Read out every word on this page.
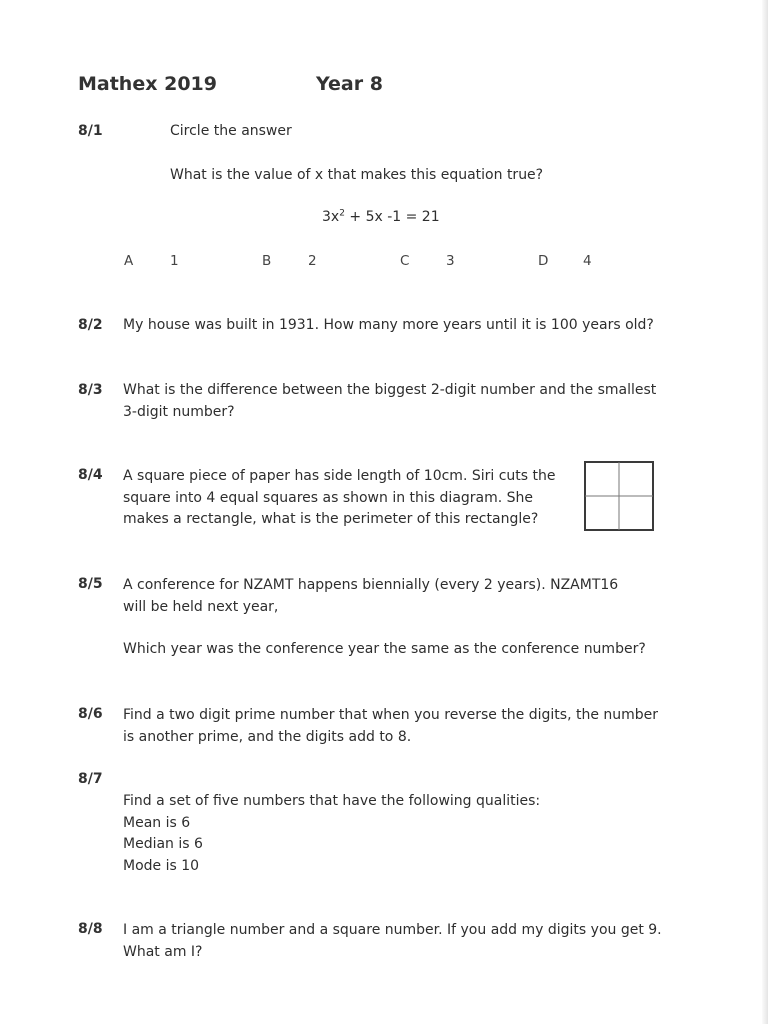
Mathex 2019	Year 8
8/1	Circle the answer
What is the value of x that makes this equation true?
$3x^2 + 5x$ -1 = 21
A	1	B	2	C	3	D	4
8/2 My house was built in 1931. How many more years until it is 100 years old?
8/3 What is the difference between the biggest 2-digit number and the smallest
3-digit number?
8/4 A square piece of paper has side length of 10cm. Siri cuts the
square into 4 equal squares as shown in this diagram. She
makes a rectangle, what is the perimeter of this rectangle?
8/5 A conference for NZAMT happens biennially (every 2 years). NZAMT16
will be held next year,
Which year was the conference year the same as the conference number?
8/6 Find a two digit prime number that when you reverse the digits, the number
is another prime, and the digits add to 8.
8/7
Find a set of five numbers that have the following qualities:
Mean is 6
Median is 6
Mode is 10
8/8 I am a triangle number and a square number. If you add my digits you get 9.
What am I?
